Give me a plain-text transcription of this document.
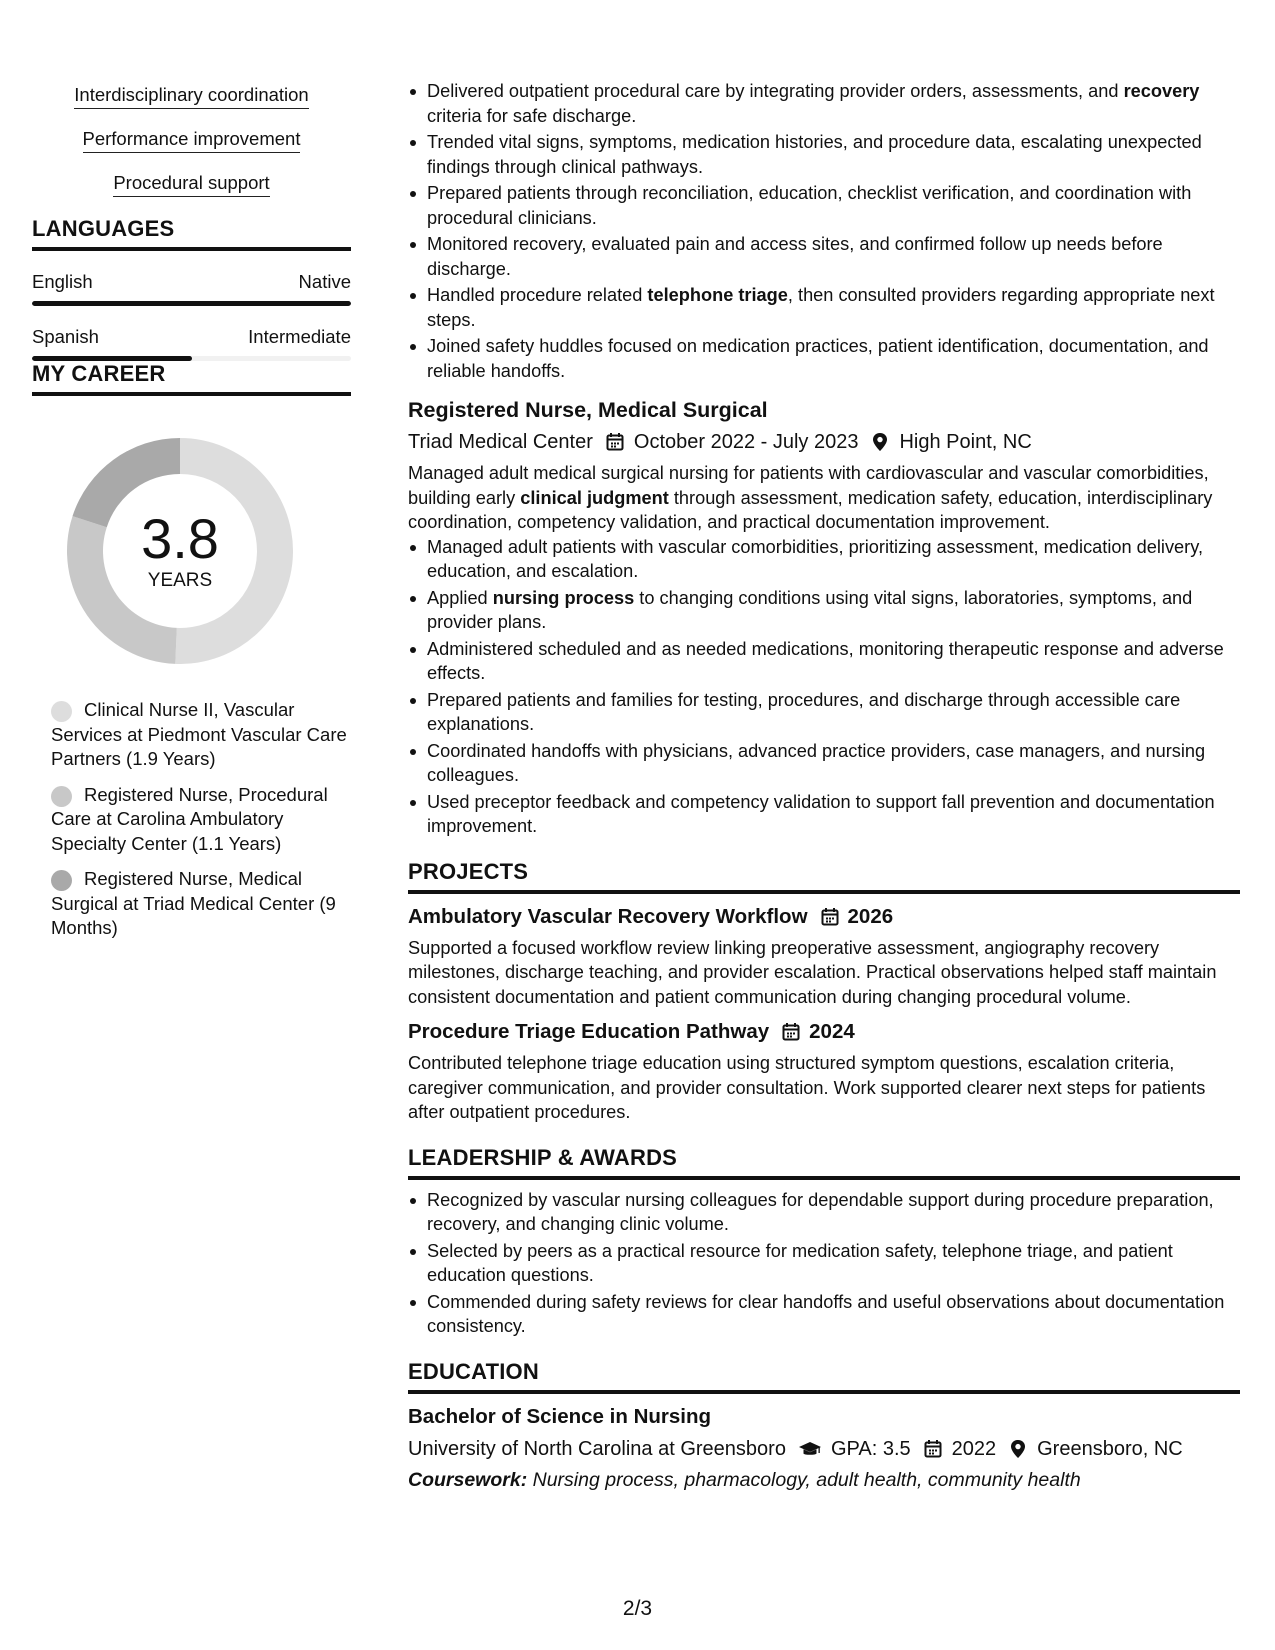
Interdisciplinary coordination
Performance improvement
Procedural support
LANGUAGES
English	Native
Spanish	Intermediate
MY CAREER
3.8
YEARS
Clinical Nurse II, Vascular Services at Piedmont Vascular Care Partners (1.9 Years)
Registered Nurse, Procedural Care at Carolina Ambulatory Specialty Center (1.1 Years)
Registered Nurse, Medical Surgical at Triad Medical Center (9 Months)
Delivered outpatient procedural care by integrating provider orders, assessments, and recovery criteria for safe discharge.
Trended vital signs, symptoms, medication histories, and procedure data, escalating unexpected findings through clinical pathways.
Prepared patients through reconciliation, education, checklist verification, and coordination with procedural clinicians.
Monitored recovery, evaluated pain and access sites, and confirmed follow up needs before discharge.
Handled procedure related telephone triage, then consulted providers regarding appropriate next steps.
Joined safety huddles focused on medication practices, patient identification, documentation, and reliable handoffs.
Registered Nurse, Medical Surgical
Triad Medical Center October 2022 - July 2023 High Point, NC
Managed adult medical surgical nursing for patients with cardiovascular and vascular comorbidities, building early clinical judgment through assessment, medication safety, education, interdisciplinary coordination, competency validation, and practical documentation improvement.
Managed adult patients with vascular comorbidities, prioritizing assessment, medication delivery, education, and escalation.
Applied nursing process to changing conditions using vital signs, laboratories, symptoms, and provider plans.
Administered scheduled and as needed medications, monitoring therapeutic response and adverse effects.
Prepared patients and families for testing, procedures, and discharge through accessible care explanations.
Coordinated handoffs with physicians, advanced practice providers, case managers, and nursing colleagues.
Used preceptor feedback and competency validation to support fall prevention and documentation improvement.
PROJECTS
Ambulatory Vascular Recovery Workflow 2026
Supported a focused workflow review linking preoperative assessment, angiography recovery milestones, discharge teaching, and provider escalation. Practical observations helped staff maintain consistent documentation and patient communication during changing procedural volume.
Procedure Triage Education Pathway 2024
Contributed telephone triage education using structured symptom questions, escalation criteria, caregiver communication, and provider consultation. Work supported clearer next steps for patients after outpatient procedures.
LEADERSHIP & AWARDS
Recognized by vascular nursing colleagues for dependable support during procedure preparation, recovery, and changing clinic volume.
Selected by peers as a practical resource for medication safety, telephone triage, and patient education questions.
Commended during safety reviews for clear handoffs and useful observations about documentation consistency.
EDUCATION
Bachelor of Science in Nursing
University of North Carolina at Greensboro GPA: 3.5 2022 Greensboro, NC
Coursework: Nursing process, pharmacology, adult health, community health
2/3
